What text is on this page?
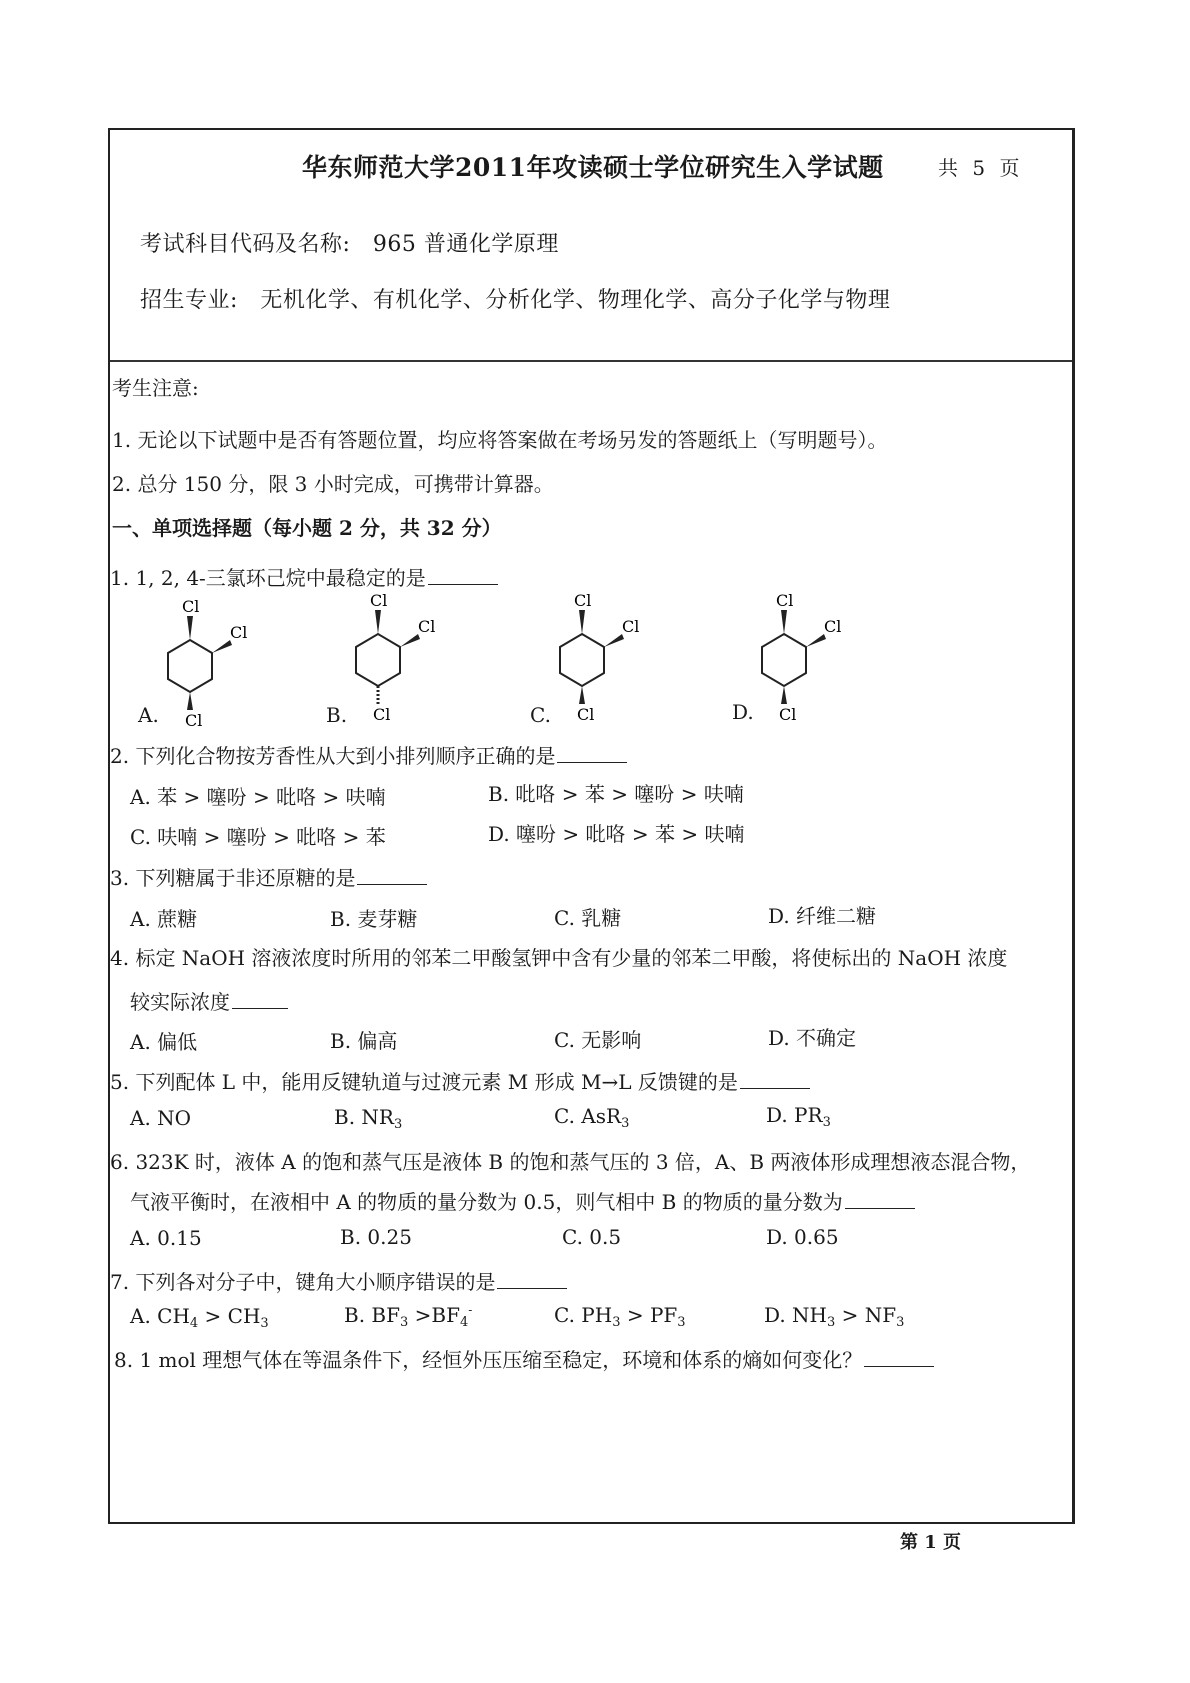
华东师范大学2011年攻读硕士学位研究生入学试题	共 5 页
考试科目代码及名称: 965 普通化学原理
招生专业: 无机化学、有机化学、分析化学、物理化学、高分子化学与物理
考生注意:
1. 无论以下试题中是否有答题位置，均应将答案做在考场另发的答题纸上（写明题号）。
2. 总分 150 分，限 3 小时完成，可携带计算器。
一、单项选择题（每小题 2 分，共 32 分）
1. 1, 2, 4-三氯环己烷中最稳定的是
Cl
Cl
Cl
A.
Cl
Cl
Cl
B.
Cl
Cl
Cl
C.
Cl
Cl
Cl
D.
2. 下列化合物按芳香性从大到小排列顺序正确的是
A. 苯 > 噻吩 > 吡咯 > 呋喃	B. 吡咯 > 苯 > 噻吩 > 呋喃
C. 呋喃 > 噻吩 > 吡咯 > 苯	D. 噻吩 > 吡咯 > 苯 > 呋喃
3. 下列糖属于非还原糖的是
A. 蔗糖	B. 麦芽糖	C. 乳糖	D. 纤维二糖
4. 标定 NaOH 溶液浓度时所用的邻苯二甲酸氢钾中含有少量的邻苯二甲酸，将使标出的 NaOH 浓度
较实际浓度
A. 偏低	B. 偏高	C. 无影响	D. 不确定
5. 下列配体 L 中，能用反键轨道与过渡元素 M 形成 M→L 反馈键的是
A. NO	B. $NR_3$	C. AsR$_3$	D. $PR_3$
6. 323K 时，液体 A 的饱和蒸气压是液体 B 的饱和蒸气压的 3 倍，A、B 两液体形成理想液态混合物，
气液平衡时，在液相中 A 的物质的量分数为 0.5，则气相中 B 的物质的量分数为
A. 0.15	B. 0.25	C. 0.5	D. 0.65
7. 下列各对分子中，键角大小顺序错误的是
A. $CH_4 > CH_3$	B. $BF_3 >BF_4^-$	C. $PH_3 > PF_3$	D. $NH_3 > NF_3$
8. 1 mol 理想气体在等温条件下，经恒外压压缩至稳定，环境和体系的熵如何变化？
第 1 页
